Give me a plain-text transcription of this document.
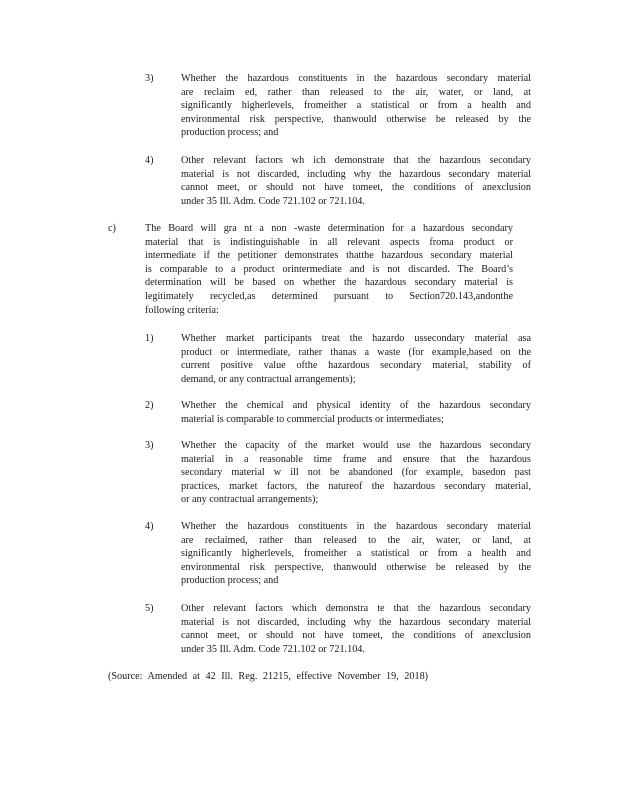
3)	Whether the hazardous constituents in the hazardous secondary material
are reclaim ed, rather than released to the air, water, or land, at
significantly higherlevels, fromeither a statistical or from a health and
environmental risk perspective, thanwould otherwise be released by the
production process; and
4)	Other relevant factors wh ich demonstrate that the hazardous secondary
material is not discarded, including why the hazardous secondary material
cannot meet, or should not have tomeet, the conditions of anexclusion
under 35 Ill. Adm. Code 721.102 or 721.104.
c)	The Board will gra nt a non -waste determination for a hazardous secondary
material that is indistinguishable in all relevant aspects froma product or
intermediate if the petitioner demonstrates thatthe hazardous secondary material
is comparable to a product orintermediate and is not discarded. The Board’s
determination will be based on whether the hazardous secondary material is
legitimately recycled,as determined pursuant to Section720.143,andonthe
following criteria:
1)	Whether market participants treat the hazardo ussecondary material asa
product or intermediate, rather thanas a waste (for example,based on the
current positive value ofthe hazardous secondary material, stability of
demand, or any contractual arrangements);
2)	Whether the chemical and physical identity of the hazardous secondary
material is comparable to commercial products or intermediates;
3)	Whether the capacity of the market would use the hazardous secondary
material in a reasonable time frame and ensure that the hazardous
secondary material w ill not be abandoned (for example, basedon past
practices, market factors, the natureof the hazardous secondary material,
or any contractual arrangements);
4)	Whether the hazardous constituents in the hazardous secondary material
are reclaimed, rather than released to the air, water, or land, at
significantly higherlevels, fromeither a statistical or from a health and
environmental risk perspective, thanwould otherwise be released by the
production process; and
5)	Other relevant factors which demonstra te that the hazardous secondary
material is not discarded, including why the hazardous secondary material
cannot meet, or should not have tomeet, the conditions of anexclusion
under 35 Ill. Adm. Code 721.102 or 721.104.
(Source: Amended at 42 Ill. Reg. 21215, effective November 19, 2018)
